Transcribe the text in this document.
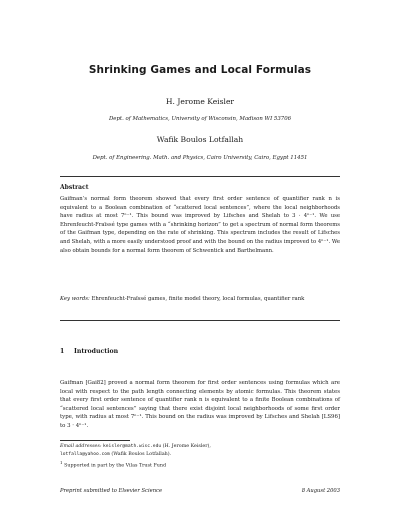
Shrinking Games and Local Formulas
H. Jerome Keisler
Dept. of Mathematics, University of Wisconsin, Madison WI 53706
Wafik Boulos Lotfallah
Dept. of Engineering. Math. and Physics, Cairo University, Cairo, Egypt 11451
Abstract
Gaifman’s normal form theorem showed that every first order sentence of quantifier rank n is equivalent to a Boolean combination of “scattered local sentences”, where the local neighborhoods have radius at most 7ⁿ⁻¹. This bound was improved by Lifsches and Shelah to 3 · 4ⁿ⁻¹. We use Ehrenfeucht-Fraïssé type games with a “shrinking horizon” to get a spectrum of normal form theorems of the Gaifman type, depending on the rate of shrinking. This spectrum includes the result of Lifsches and Shelah, with a more easily understood proof and with the bound on the radius improved to 4ⁿ⁻¹. We also obtain bounds for a normal form theorem of Schwentick and Barthelmann.
Key words: Ehrenfeucht-Fraïssé games, finite model theory, local formulas, quantifier rank
1 Introduction
Gaifman [Gai82] proved a normal form theorem for first order sentences using formulas which are local with respect to the path length connecting elements by atomic formulas. This theorem states that every first order sentence of quantifier rank n is equivalent to a finite Boolean combinations of “scattered local sentences” saying that there exist disjoint local neighborhoods of some first order type, with radius at most 7ⁿ⁻¹. This bound on the radius was improved by Lifsches and Shelah [LS96] to 3 · 4ⁿ⁻¹.
Email addresses: keisler@math.wisc.edu (H. Jerome Keisler),
lotfalla@yahoo.com (Wafik Boulos Lotfallah).
$^1$ Supported in part by the Vilas Trust Fund
Preprint submitted to Elsevier Science	8 August 2003
